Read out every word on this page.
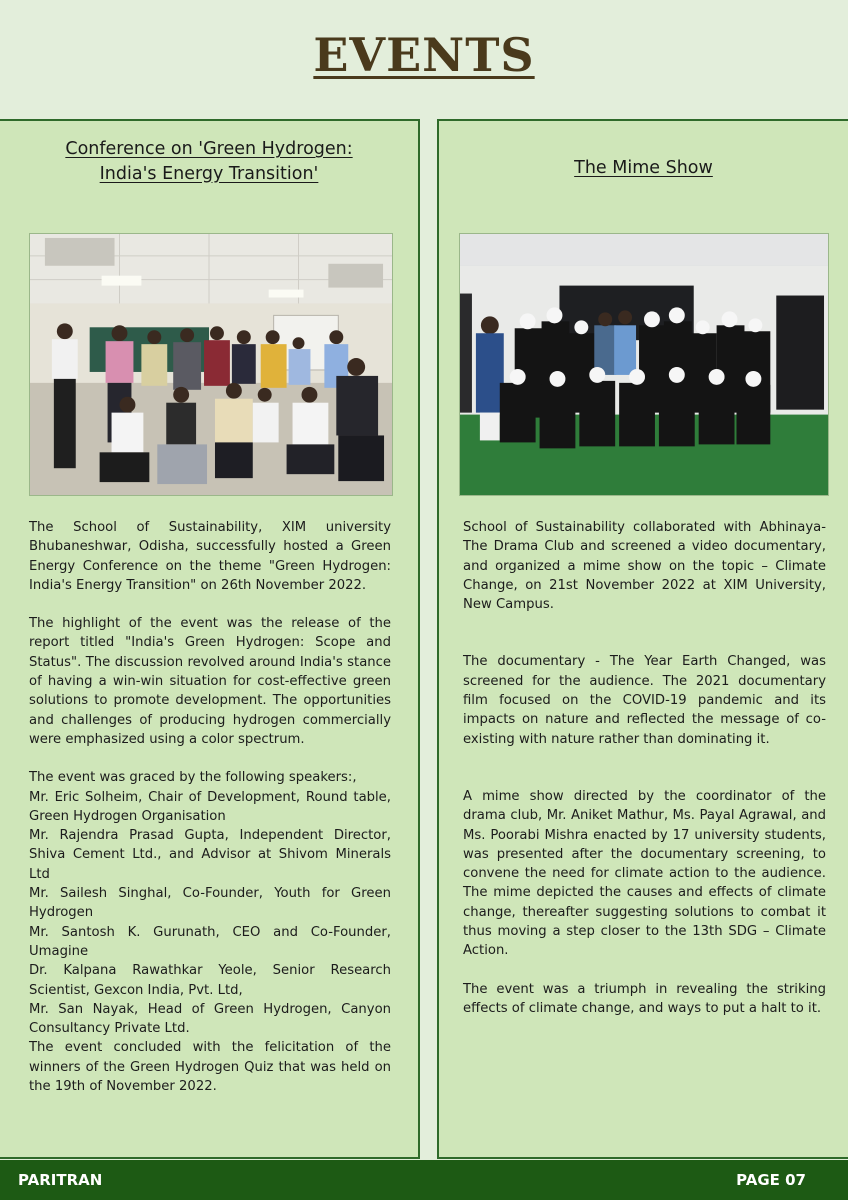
EVENTS
Conference on 'Green Hydrogen:
India's Energy Transition'

The School of Sustainability, XIM university Bhubaneshwar, Odisha, successfully hosted a Green Energy Conference on the theme "Green Hydrogen: India's Energy Transition" on 26th November 2022.

The highlight of the event was the release of the report titled "India's Green Hydrogen: Scope and Status". The discussion revolved around India's stance of having a win-win situation for cost-effective green solutions to promote development. The opportunities and challenges of producing hydrogen commercially were emphasized using a color spectrum.

The event was graced by the following speakers:,

Mr. Eric Solheim, Chair of Development, Round table, Green Hydrogen Organisation

Mr. Rajendra Prasad Gupta, Independent Director, Shiva Cement Ltd., and Advisor at Shivom Minerals Ltd

Mr. Sailesh Singhal, Co-Founder, Youth for Green Hydrogen

Mr. Santosh K. Gurunath, CEO and Co-Founder, Umagine

Dr. Kalpana Rawathkar Yeole, Senior Research Scientist, Gexcon India, Pvt. Ltd,

Mr. San Nayak, Head of Green Hydrogen, Canyon Consultancy Private Ltd.

The event concluded with the felicitation of the winners of the Green Hydrogen Quiz that was held on the 19th of November 2022.

The Mime Show

School of Sustainability collaborated with Abhinaya- The Drama Club and screened a video documentary, and organized a mime show on the topic – Climate Change, on 21st November 2022 at XIM University, New Campus.

The documentary - The Year Earth Changed, was screened for the audience. The 2021 documentary film focused on the COVID-19 pandemic and its impacts on nature and reflected the message of co-existing with nature rather than dominating it.

A mime show directed by the coordinator of the drama club, Mr. Aniket Mathur, Ms. Payal Agrawal, and Ms. Poorabi Mishra enacted by 17 university students, was presented after the documentary screening, to convene the need for climate action to the audience. The mime depicted the causes and effects of climate change, thereafter suggesting solutions to combat it thus moving a step closer to the 13th SDG – Climate Action.

The event was a triumph in revealing the striking effects of climate change, and ways to put a halt to it.

PARITRAN	PAGE 07
